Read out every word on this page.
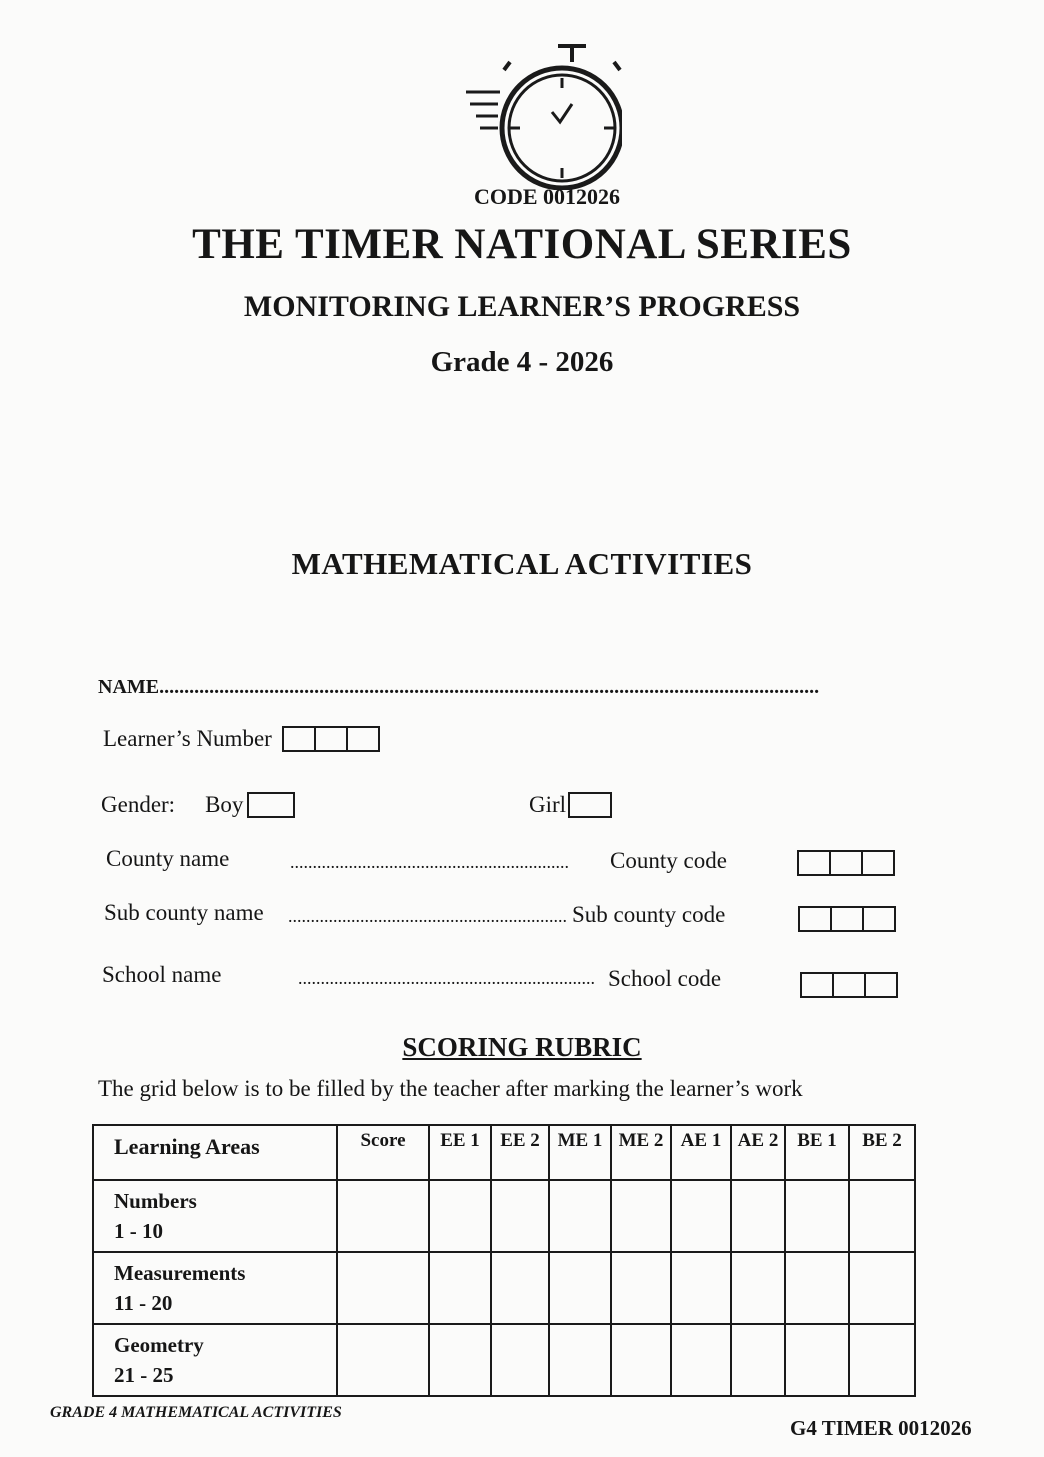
CODE 0012026
THE TIMER NATIONAL SERIES
MONITORING LEARNER’S PROGRESS
Grade 4 - 2026
MATHEMATICAL ACTIVITIES
NAME ....................................................................................................................................
Learner’s Number
Gender: Boy	Girl
County name	..............................................................	County code
Sub county name .............................................................. Sub county code
School name	.................................................................. School code
SCORING RUBRIC
The grid below is to be filled by the teacher after marking the learner’s work
Learning Areas	Score	EE 1	EE 2	ME 1	ME 2	AE 1	AE 2	BE 1	BE 2

Numbers
1 - 10									

Measurements
11 - 20									

Geometry
21 - 25									

GRADE 4 MATHEMATICAL ACTIVITIES
G4 TIMER 0012026
